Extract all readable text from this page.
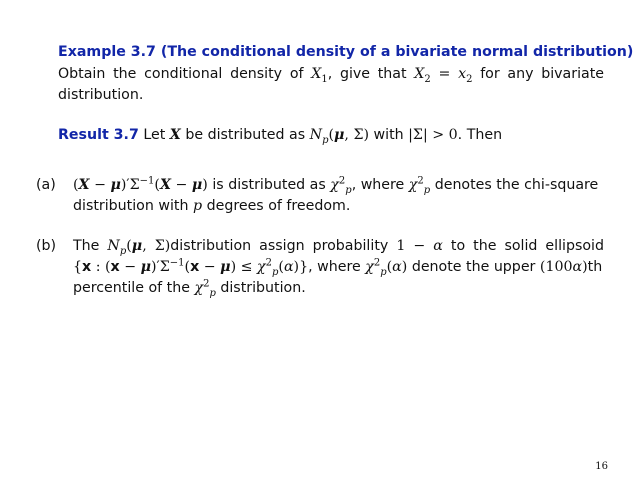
Example 3.7 (The conditional density of a bivariate normal distribution)
Obtain the conditional density of $X_1$, give that $X_2 = x_2$ for any bivariate
distribution.
Result 3.7 Let X be distributed as $N_p(\mu$, Σ) with |Σ| > 0. Then
(a) $(X - \mu)'\Sigma^{-1}(X - \mu)$ is distributed as $\chi^2_p$, where $\chi^2_p$ denotes the chi-square
distribution with p degrees of freedom.
(b) The $N_p(\mu$, Σ)distribution assign probability 1 − α to the solid ellipsoid
{x : $(x - \mu)'\Sigma^{-1}(x - \mu) \le \chi^2_p(\alpha)$}, where $\chi^2_p(\alpha)$ denote the upper (100α)th
percentile of the $\chi^2_p$ distribution.
16
